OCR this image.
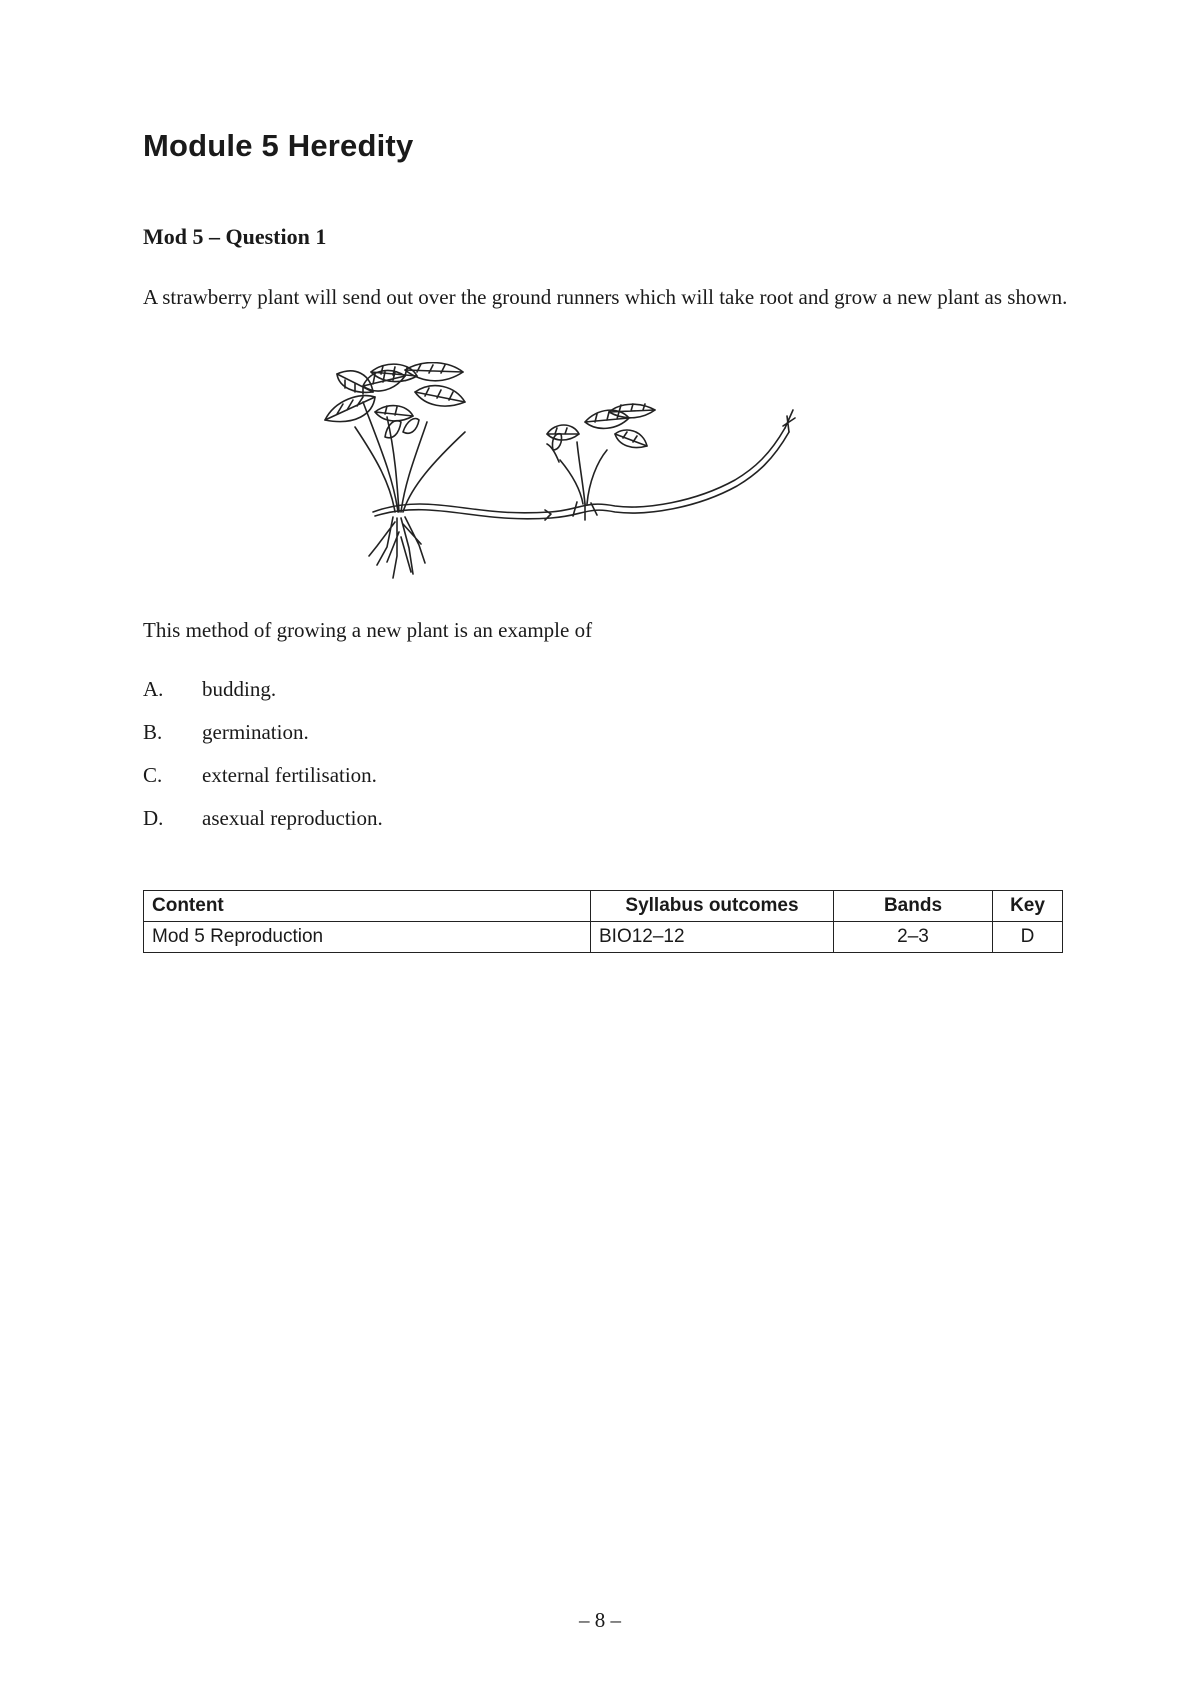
Module 5 Heredity
Mod 5 – Question 1

A strawberry plant will send out over the ground runners which will take root and grow a new plant as shown.

This method of growing a new plant is an example of

A.	budding.
B.	germination.
C.	external fertilisation.
D.	asexual reproduction.
Content	Syllabus outcomes	Bands	Key
Mod 5 Reproduction	BIO12–12	2–3	D

– 8 –
